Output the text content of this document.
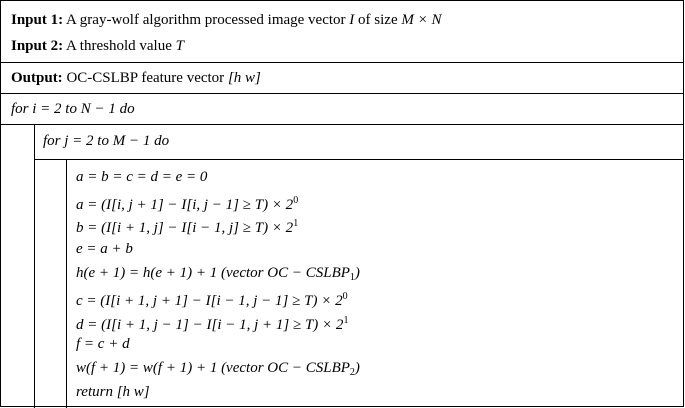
Input 1: A gray-wolf algorithm processed image vector I of size M × N
Input 2: A threshold value T
Output: OC-CSLBP feature vector [h w]
for i = 2 to N − 1 do
for j = 2 to M − 1 do
a = b = c = d = e = 0
a = (I[i, j + 1] − I[i, $j - 1] \ge T) \times 2^0$
b = (I[i + 1, j] − I[i − 1, $j] \ge T) \times 2^1$
e = a + b
h(e + 1) = h(e + 1) + 1 (vector OC − $CSLBP_1$)
c = (I[i + 1, j + 1] − I[i − 1, $j - 1] \ge T) \times 2^0$
d = (I[i + 1, j − 1] − I[i − 1, $j + 1] \ge T) \times 2^1$
f = c + d
w(f + 1) = w(f + 1) + 1 (vector OC − $CSLBP_2$)
return [h w]
